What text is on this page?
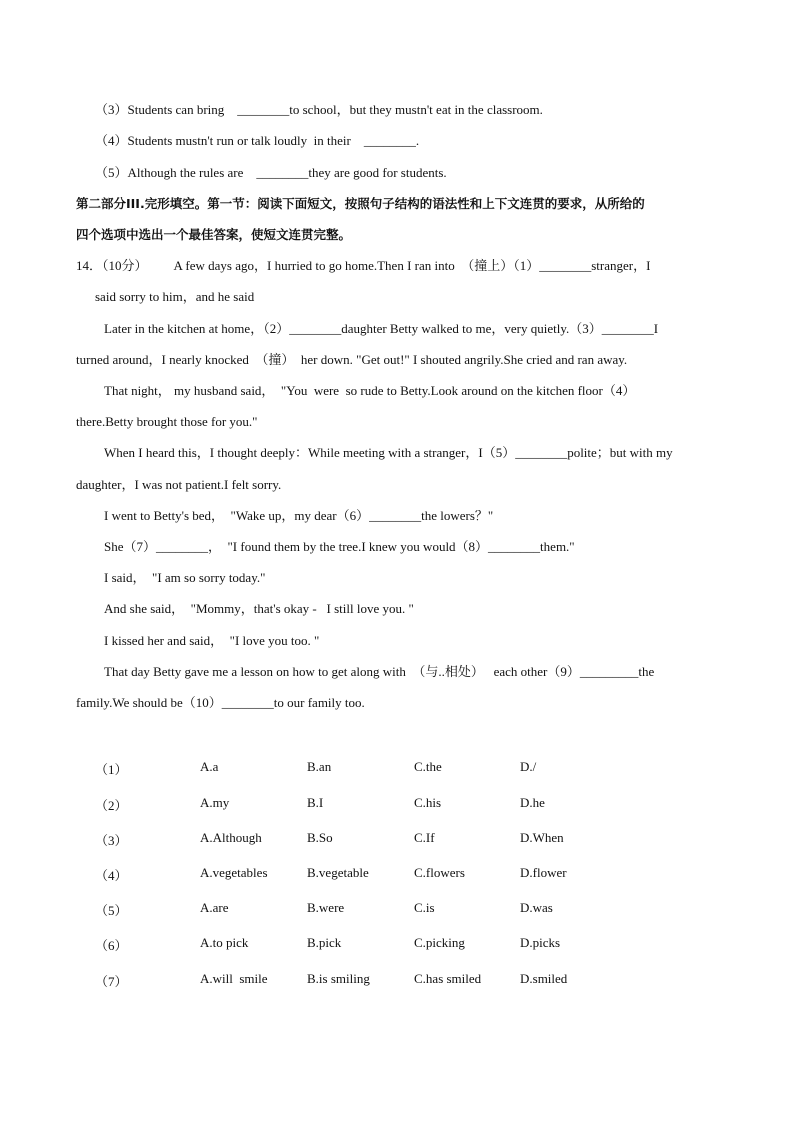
（3）Students can bring    ________to school，but they mustn't eat in the classroom.
（4）Students mustn't run or talk loudly  in their    ________.
（5）Although the rules are    ________they are good for students.
第二部分III.完形填空。第一节：阅读下面短文，按照句子结构的语法性和上下文连贯的要求，从所给的
四个选项中选出一个最佳答案，使短文连贯完整。
14．（10分）        A few days ago，I hurried to go home.Then I ran into  （撞上）（1）________stranger，I
said sorry to him，and he said
Later in the kitchen at home，（2）________daughter Betty walked to me，very quietly.（3）________I
turned around，I nearly knocked  （撞）  her down. "Get out!" I shouted angrily.She cried and ran away.
That night， my husband said，  "You  were  so rude to Betty.Look around on the kitchen floor（4）
there.Betty brought those for you."
When I heard this，I thought deeply：While meeting with a stranger，I（5）________polite；but with my
daughter，I was not patient.I felt sorry.
I went to Betty's bed，  "Wake up，my dear（6）________the lowers？"
She（7）________，  "I found them by the tree.I knew you would（8）________them."
I said，  "I am so sorry today."
And she said，  "Mommy，that's okay -   I still love you. "
I kissed her and said，  "I love you too. "
That day Betty gave me a lesson on how to get along with  （与..相处）   each other（9）_________the
family.We should be（10）________to our family too.
（1）	A.a	B.an	C.the	D./
（2）	A.my	B.I	C.his	D.he
（3）	A.Although	B.So	C.If	D.When
（4）	A.vegetables	B.vegetable	C.flowers	D.flower
（5）	A.are	B.were	C.is	D.was
（6）	A.to pick	B.pick	C.picking	D.picks
（7）	A.will  smile	B.is smiling	C.has smiled	D.smiled
